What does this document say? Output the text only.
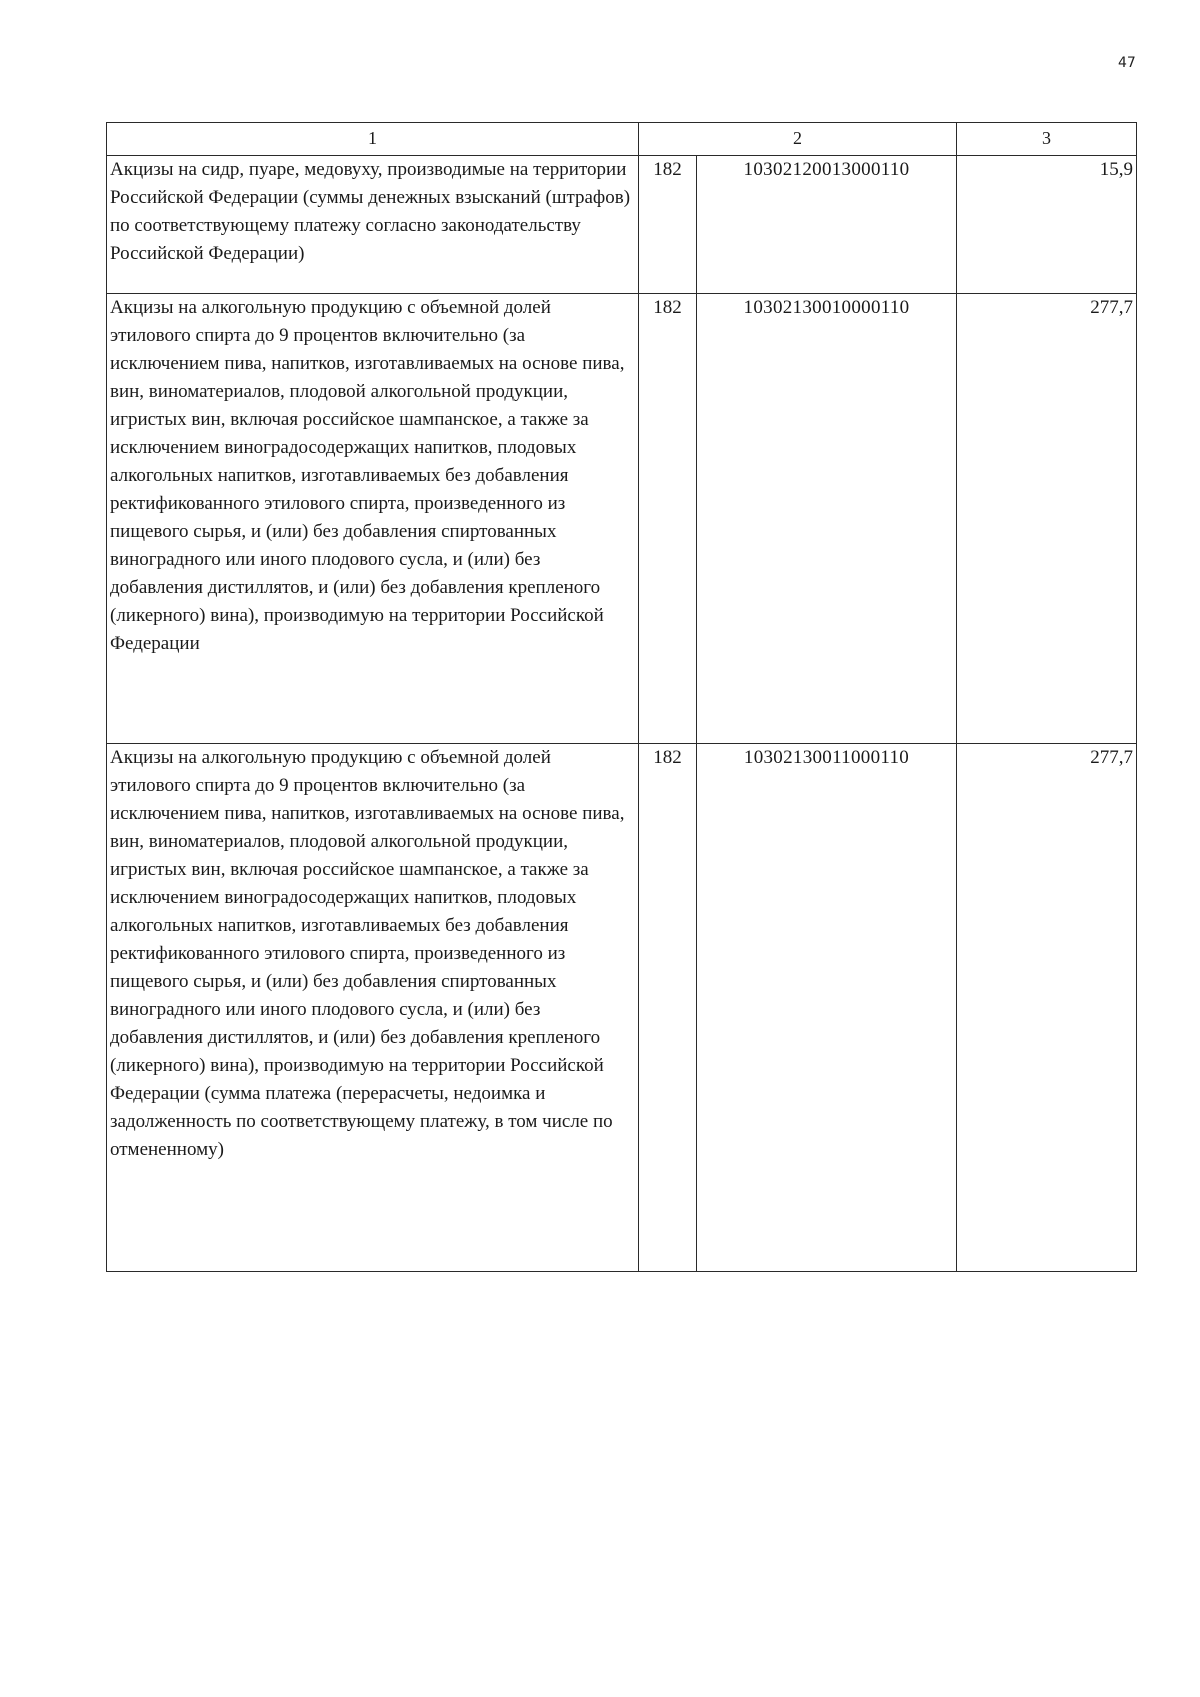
47
1	2		3
Акцизы на сидр, пуаре, медовуху, производимые на территории Российской Федерации (суммы денежных взысканий (штрафов) по соответствующему платежу согласно законодательству Российской Федерации)	182	10302120013000110	15,9
Акцизы на алкогольную продукцию с объемной долей этилового спирта до 9 процентов включительно (за исключением пива, напитков, изготавливаемых на основе пива, вин, виноматериалов, плодовой алкогольной продукции, игристых вин, включая российское шампанское, а также за исключением виноградосодержащих напитков, плодовых алкогольных напитков, изготавливаемых без добавления ректификованного этилового спирта, произведенного из пищевого сырья, и (или) без добавления спиртованных виноградного или иного плодового сусла, и (или) без добавления дистиллятов, и (или) без добавления крепленого (ликерного) вина), производимую на территории Российской Федерации	182	10302130010000110	277,7
Акцизы на алкогольную продукцию с объемной долей этилового спирта до 9 процентов включительно (за исключением пива, напитков, изготавливаемых на основе пива, вин, виноматериалов, плодовой алкогольной продукции, игристых вин, включая российское шампанское, а также за исключением виноградосодержащих напитков, плодовых алкогольных напитков, изготавливаемых без добавления ректификованного этилового спирта, произведенного из пищевого сырья, и (или) без добавления спиртованных виноградного или иного плодового сусла, и (или) без добавления дистиллятов, и (или) без добавления крепленого (ликерного) вина), производимую на территории Российской Федерации (сумма платежа (перерасчеты, недоимка и задолженность по соответствующему платежу, в том числе по отмененному)	182	10302130011000110	277,7
